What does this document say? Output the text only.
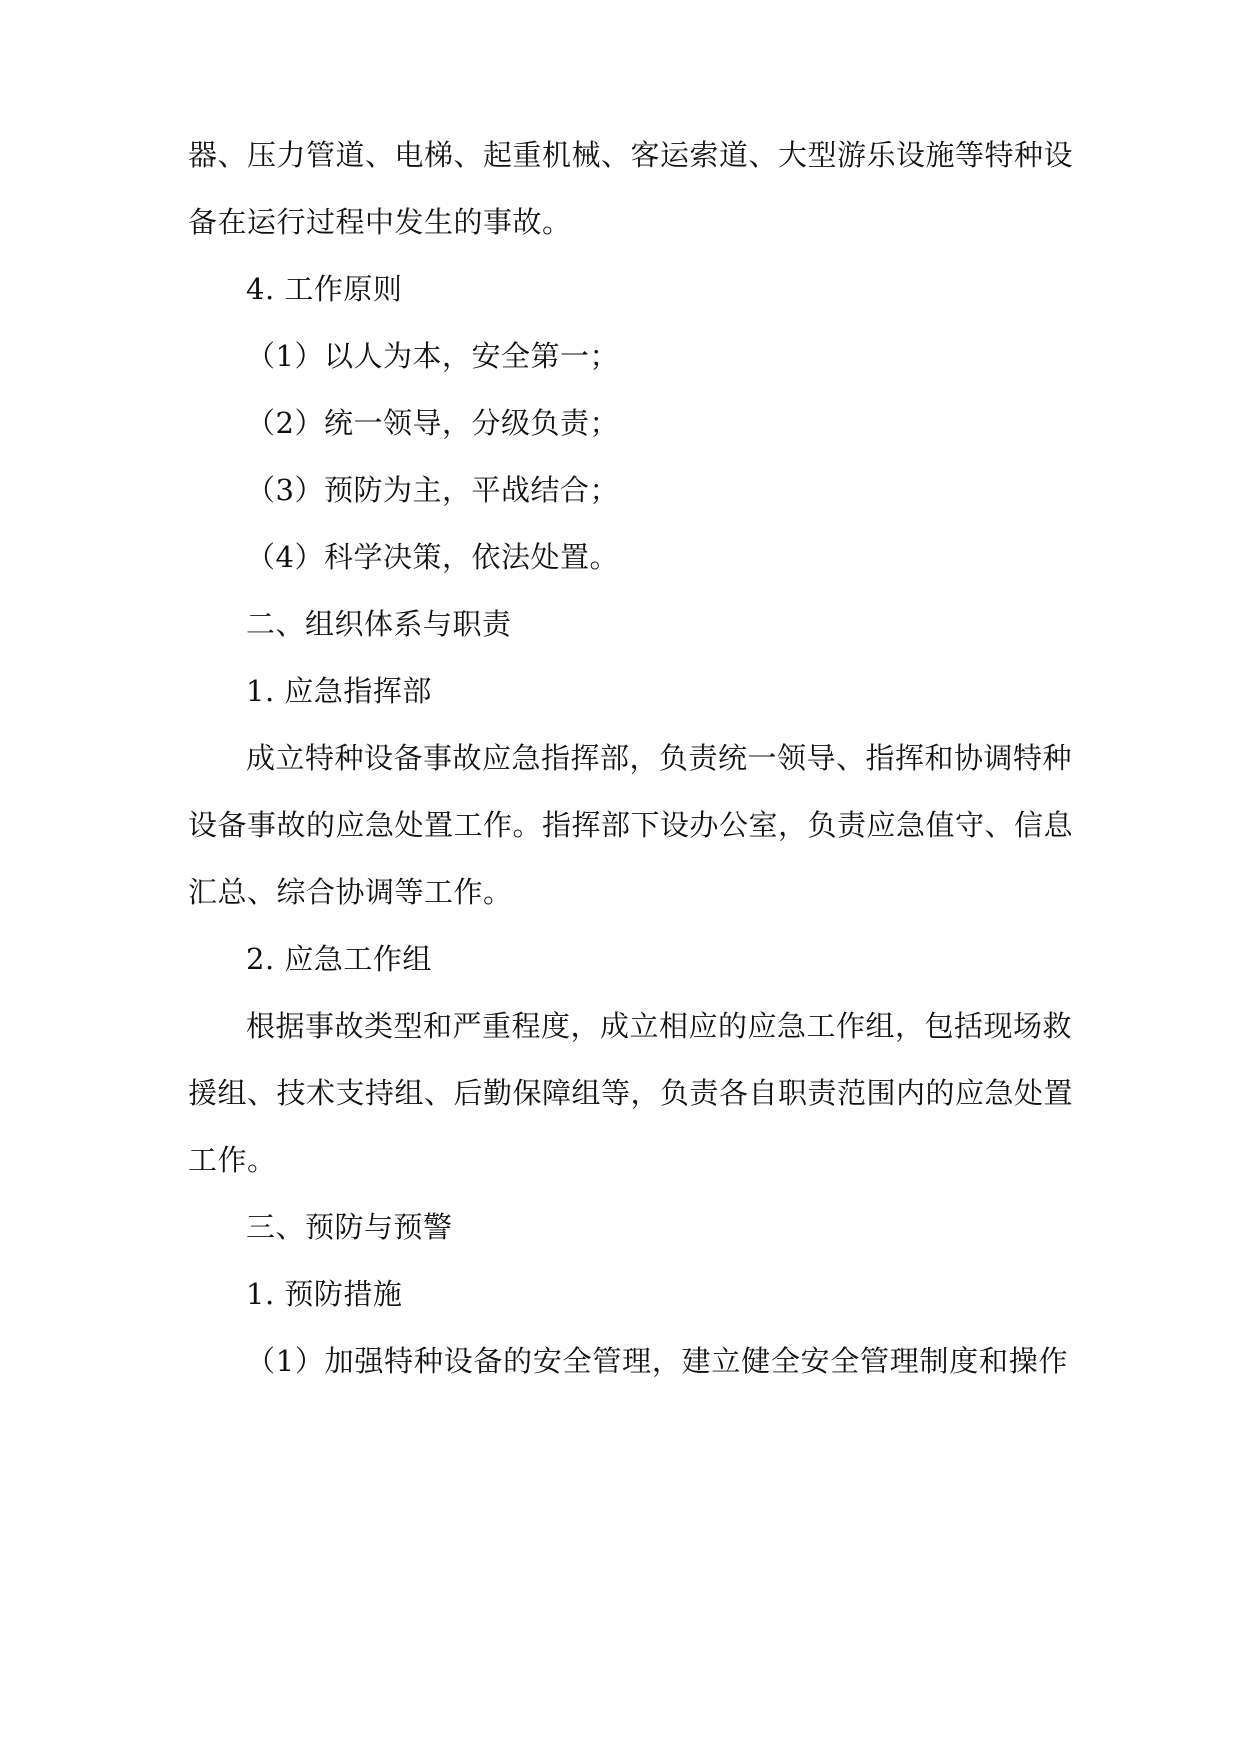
器、压力管道、电梯、起重机械、客运索道、大型游乐设施等特种设
备在运行过程中发生的事故。
4. 工作原则
（1）以人为本，安全第一；
（2）统一领导，分级负责；
（3）预防为主，平战结合；
（4）科学决策，依法处置。
二、组织体系与职责
1. 应急指挥部
成立特种设备事故应急指挥部，负责统一领导、指挥和协调特种
设备事故的应急处置工作。指挥部下设办公室，负责应急值守、信息
汇总、综合协调等工作。
2. 应急工作组
根据事故类型和严重程度，成立相应的应急工作组，包括现场救
援组、技术支持组、后勤保障组等，负责各自职责范围内的应急处置
工作。
三、预防与预警
1. 预防措施
（1）加强特种设备的安全管理，建立健全安全管理制度和操作
